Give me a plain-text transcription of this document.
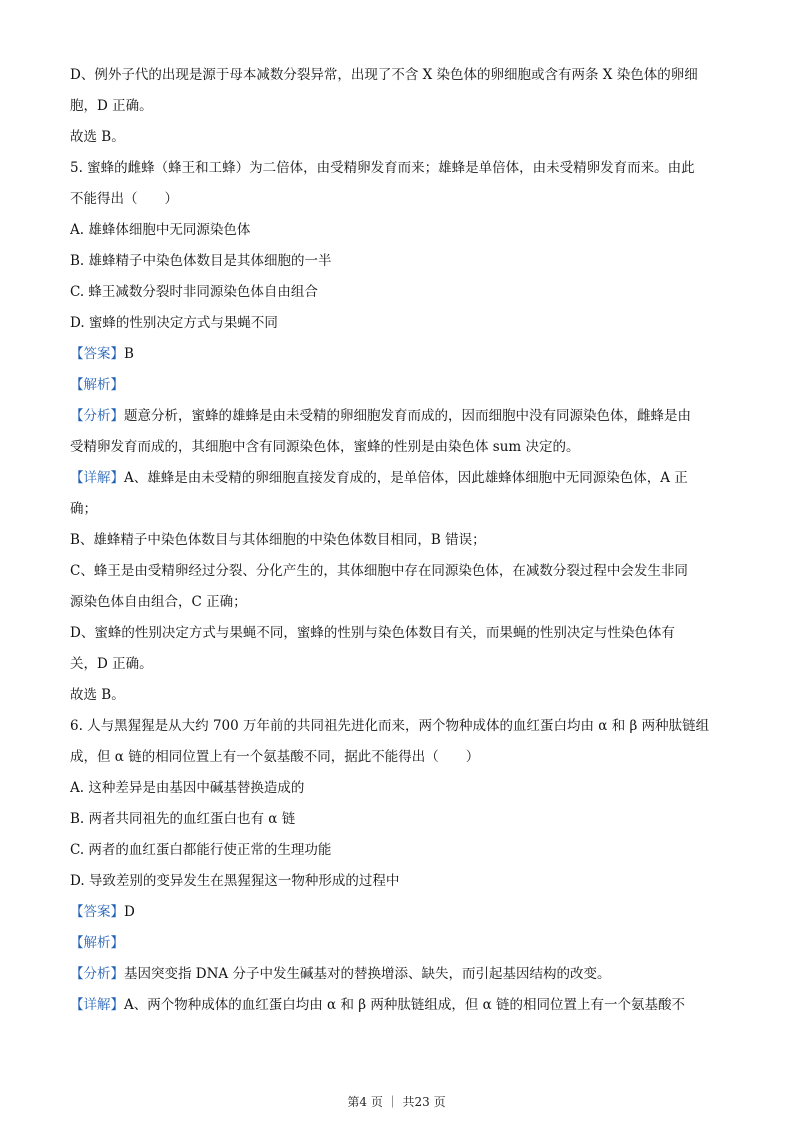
D、例外子代的出现是源于母本减数分裂异常，出现了不含 X 染色体的卵细胞或含有两条 X 染色体的卵细
胞，D 正确。
故选 B。
5. 蜜蜂的雌蜂（蜂王和工蜂）为二倍体，由受精卵发育而来；雄蜂是单倍体，由未受精卵发育而来。由此
不能得出（　　）
A. 雄蜂体细胞中无同源染色体
B. 雄蜂精子中染色体数目是其体细胞的一半
C. 蜂王减数分裂时非同源染色体自由组合
D. 蜜蜂的性别决定方式与果蝇不同
【答案】B
【解析】
【分析】题意分析，蜜蜂的雄蜂是由未受精的卵细胞发育而成的，因而细胞中没有同源染色体，雌蜂是由
受精卵发育而成的，其细胞中含有同源染色体，蜜蜂的性别是由染色体 sum 决定的。
【详解】A、雄蜂是由未受精的卵细胞直接发育成的，是单倍体，因此雄蜂体细胞中无同源染色体，A 正
确；
B、雄蜂精子中染色体数目与其体细胞的中染色体数目相同，B 错误；
C、蜂王是由受精卵经过分裂、分化产生的，其体细胞中存在同源染色体，在减数分裂过程中会发生非同
源染色体自由组合，C 正确；
D、蜜蜂的性别决定方式与果蝇不同，蜜蜂的性别与染色体数目有关，而果蝇的性别决定与性染色体有
关，D 正确。
故选 B。
6. 人与黑猩猩是从大约 700 万年前的共同祖先进化而来，两个物种成体的血红蛋白均由 α 和 β 两种肽链组
成，但 α 链的相同位置上有一个氨基酸不同，据此不能得出（　　）
A. 这种差异是由基因中碱基替换造成的
B. 两者共同祖先的血红蛋白也有 α 链
C. 两者的血红蛋白都能行使正常的生理功能
D. 导致差别的变异发生在黑猩猩这一物种形成的过程中
【答案】D
【解析】
【分析】基因突变指 DNA 分子中发生碱基对的替换增添、缺失，而引起基因结构的改变。
【详解】A、两个物种成体的血红蛋白均由 α 和 β 两种肽链组成，但 α 链的相同位置上有一个氨基酸不
第4 页 ｜ 共23 页
